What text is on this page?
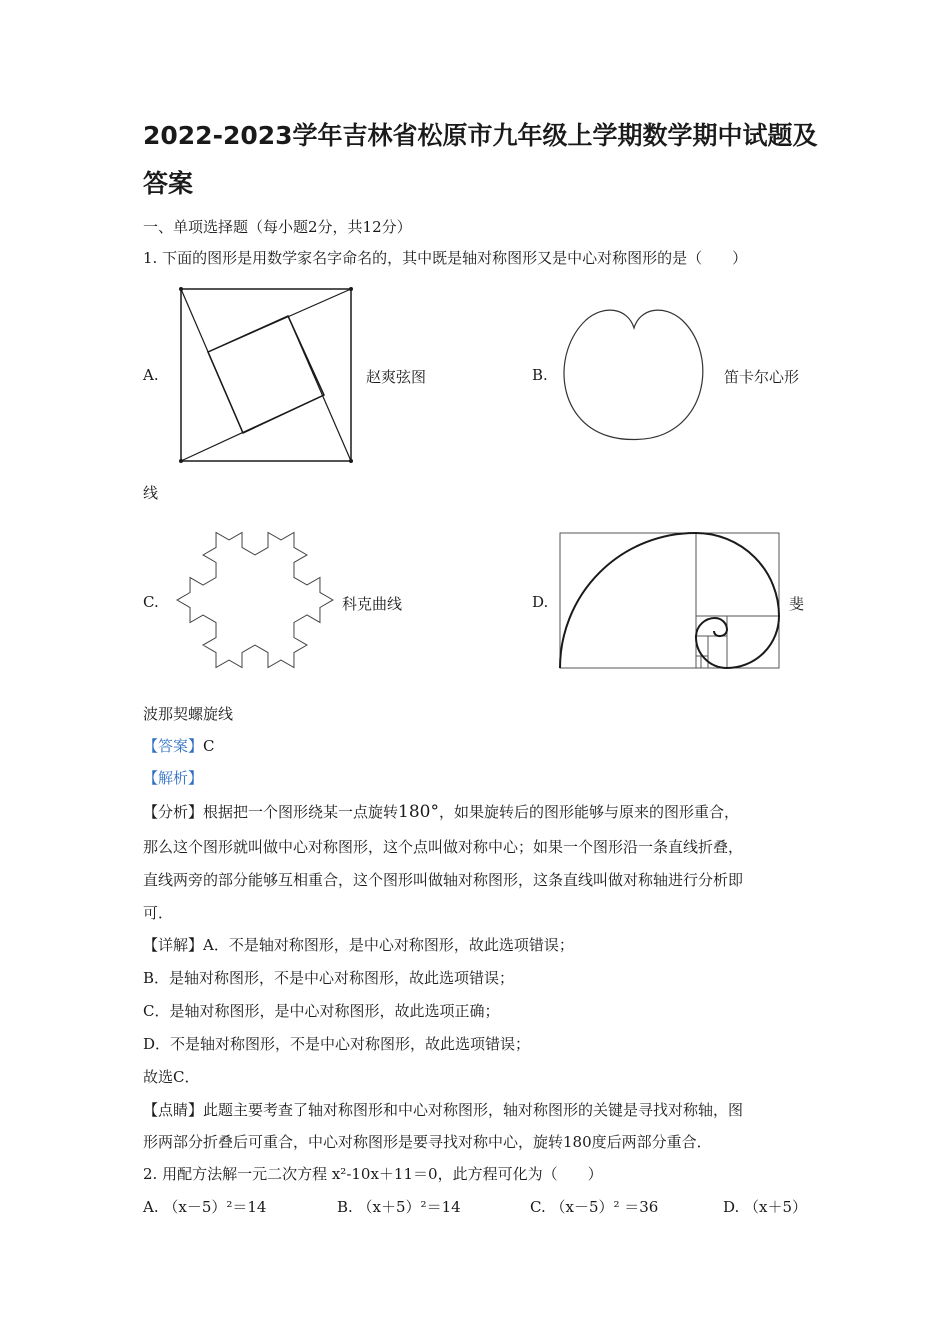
2022-2023学年吉林省松原市九年级上学期数学期中试题及
答案
一、单项选择题（每小题2分，共12分）
1. 下面的图形是用数学家名字命名的，其中既是轴对称图形又是中心对称图形的是（　　）
A.	赵爽弦图	B.	笛卡尔心形
线
C.	科克曲线	D.	斐
波那契螺旋线
【答案】C
【解析】
【分析】根据把一个图形绕某一点旋转180°，如果旋转后的图形能够与原来的图形重合，
那么这个图形就叫做中心对称图形，这个点叫做对称中心；如果一个图形沿一条直线折叠，
直线两旁的部分能够互相重合，这个图形叫做轴对称图形，这条直线叫做对称轴进行分析即
可．
【详解】A．不是轴对称图形，是中心对称图形，故此选项错误；
B．是轴对称图形，不是中心对称图形，故此选项错误；
C．是轴对称图形，是中心对称图形，故此选项正确；
D．不是轴对称图形，不是中心对称图形，故此选项错误；
故选C．
【点睛】此题主要考查了轴对称图形和中心对称图形，轴对称图形的关键是寻找对称轴，图
形两部分折叠后可重合，中心对称图形是要寻找对称中心，旋转180度后两部分重合．
2. 用配方法解一元二次方程 x²-10x＋11＝0，此方程可化为（　　）
A. （x－5）²＝14	B. （x＋5）²＝14	C. （x－5）² ＝36	D. （x＋5）
